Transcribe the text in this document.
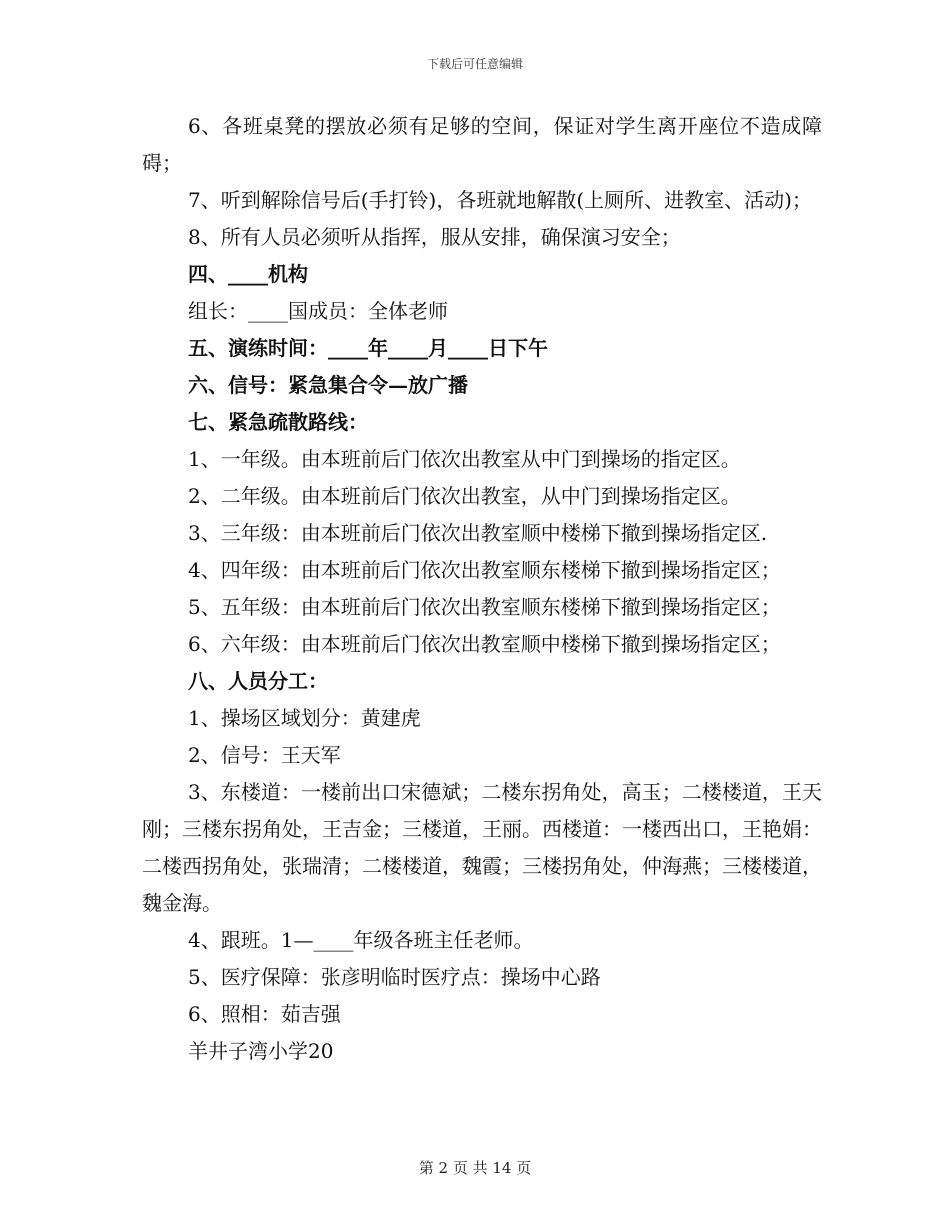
下载后可任意编辑

6、各班桌凳的摆放必须有足够的空间，保证对学生离开座位不造成障碍；

7、听到解除信号后(手打铃)，各班就地解散(上厕所、进教室、活动)；

8、所有人员必须听从指挥，服从安排，确保演习安全；

四、____机构

组长：____国成员：全体老师

五、演练时间：____年____月____日下午

六、信号：紧急集合令—放广播

七、紧急疏散路线：

1、一年级。由本班前后门依次出教室从中门到操场的指定区。

2、二年级。由本班前后门依次出教室，从中门到操场指定区。

3、三年级：由本班前后门依次出教室顺中楼梯下撤到操场指定区.

4、四年级：由本班前后门依次出教室顺东楼梯下撤到操场指定区；

5、五年级：由本班前后门依次出教室顺东楼梯下撤到操场指定区；

6、六年级：由本班前后门依次出教室顺中楼梯下撤到操场指定区；

八、人员分工：

1、操场区域划分：黄建虎

2、信号：王天军

3、东楼道：一楼前出口宋德斌；二楼东拐角处，高玉；二楼楼道，王天刚；三楼东拐角处，王吉金；三楼道，王丽。西楼道：一楼西出口，王艳娟：二楼西拐角处，张瑞清；二楼楼道，魏霞；三楼拐角处，仲海燕；三楼楼道，魏金海。

4、跟班。1—____年级各班主任老师。

5、医疗保障：张彦明临时医疗点：操场中心路

6、照相：茹吉强

羊井子湾小学20

第 2 页 共 14 页
